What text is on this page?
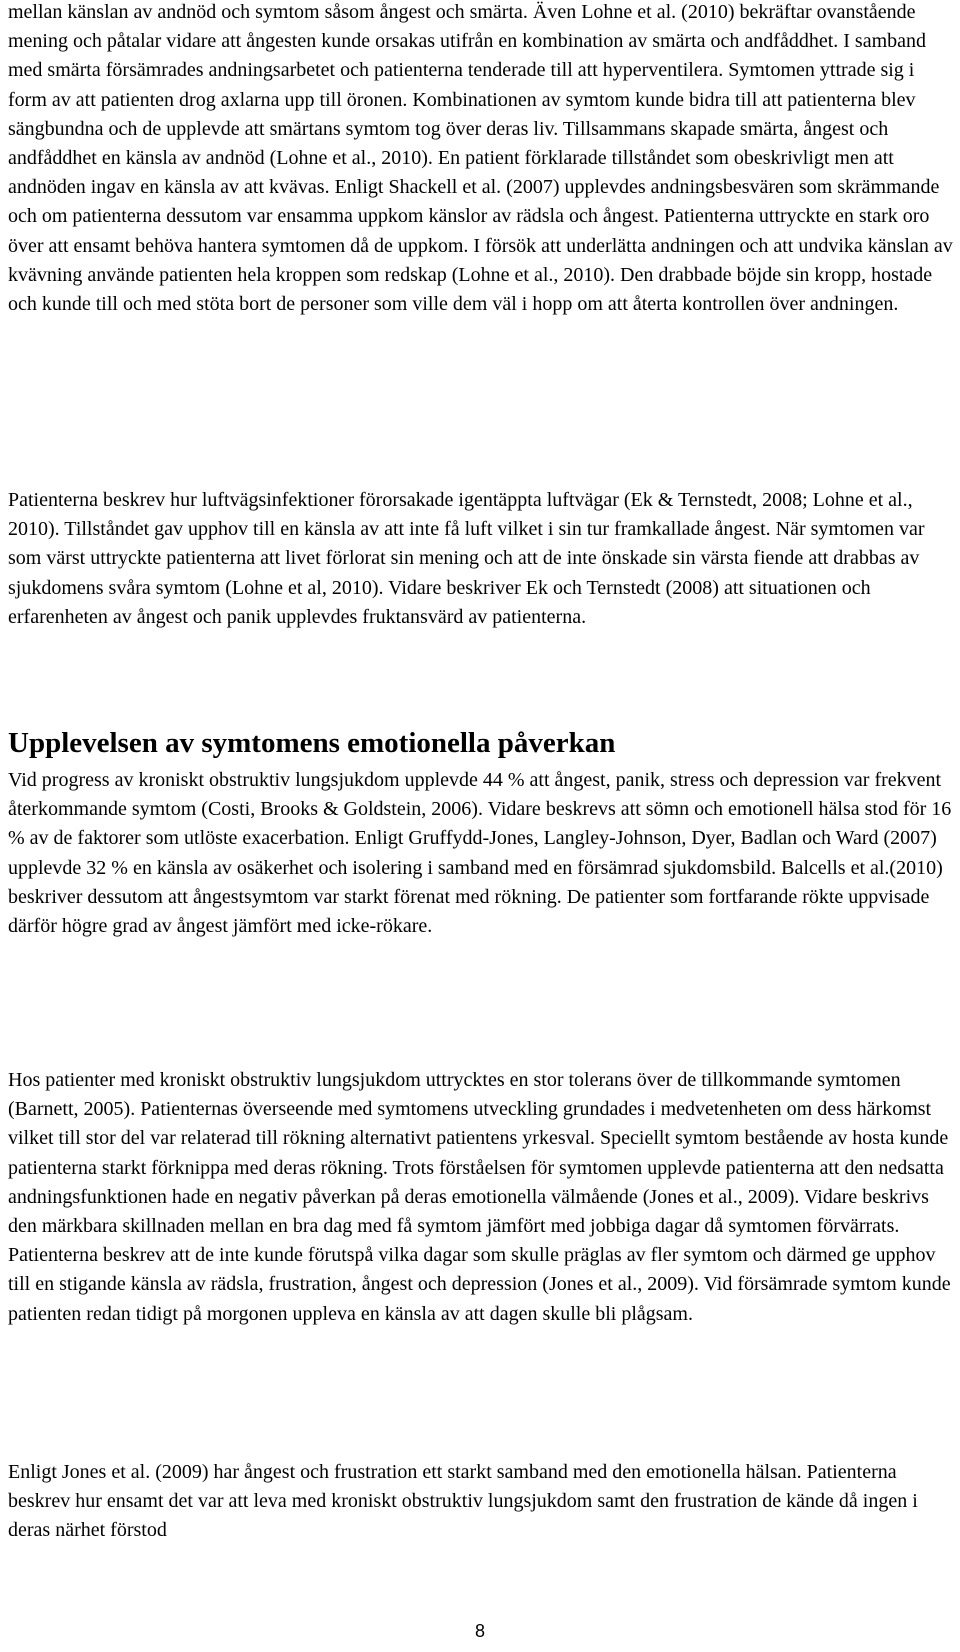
mellan känslan av andnöd och symtom såsom ångest och smärta. Även Lohne et al. (2010) bekräftar ovanstående mening och påtalar vidare att ångesten kunde orsakas utifrån en kombination av smärta och andfåddhet. I samband med smärta försämrades andningsarbetet och patienterna tenderade till att hyperventilera. Symtomen yttrade sig i form av att patienten drog axlarna upp till öronen. Kombinationen av symtom kunde bidra till att patienterna blev sängbundna och de upplevde att smärtans symtom tog över deras liv. Tillsammans skapade smärta, ångest och andfåddhet en känsla av andnöd (Lohne et al., 2010). En patient förklarade tillståndet som obeskrivligt men att andnöden ingav en känsla av att kvävas. Enligt Shackell et al. (2007) upplevdes andningsbesvären som skrämmande och om patienterna dessutom var ensamma uppkom känslor av rädsla och ångest. Patienterna uttryckte en stark oro över att ensamt behöva hantera symtomen då de uppkom. I försök att underlätta andningen och att undvika känslan av kvävning använde patienten hela kroppen som redskap (Lohne et al., 2010). Den drabbade böjde sin kropp, hostade och kunde till och med stöta bort de personer som ville dem väl i hopp om att återta kontrollen över andningen.

Patienterna beskrev hur luftvägsinfektioner förorsakade igentäppta luftvägar (Ek & Ternstedt, 2008; Lohne et al., 2010). Tillståndet gav upphov till en känsla av att inte få luft vilket i sin tur framkallade ångest. När symtomen var som värst uttryckte patienterna att livet förlorat sin mening och att de inte önskade sin värsta fiende att drabbas av sjukdomens svåra symtom (Lohne et al, 2010). Vidare beskriver Ek och Ternstedt (2008) att situationen och erfarenheten av ångest och panik upplevdes fruktansvärd av patienterna.

Upplevelsen av symtomens emotionella påverkan

Vid progress av kroniskt obstruktiv lungsjukdom upplevde 44 % att ångest, panik, stress och depression var frekvent återkommande symtom (Costi, Brooks & Goldstein, 2006). Vidare beskrevs att sömn och emotionell hälsa stod för 16 % av de faktorer som utlöste exacerbation. Enligt Gruffydd-Jones, Langley-Johnson, Dyer, Badlan och Ward (2007) upplevde 32 % en känsla av osäkerhet och isolering i samband med en försämrad sjukdomsbild. Balcells et al.(2010) beskriver dessutom att ångestsymtom var starkt förenat med rökning. De patienter som fortfarande rökte uppvisade därför högre grad av ångest jämfört med icke-rökare.

Hos patienter med kroniskt obstruktiv lungsjukdom uttrycktes en stor tolerans över de tillkommande symtomen (Barnett, 2005). Patienternas överseende med symtomens utveckling grundades i medvetenheten om dess härkomst vilket till stor del var relaterad till rökning alternativt patientens yrkesval. Speciellt symtom bestående av hosta kunde patienterna starkt förknippa med deras rökning. Trots förståelsen för symtomen upplevde patienterna att den nedsatta andningsfunktionen hade en negativ påverkan på deras emotionella välmående (Jones et al., 2009). Vidare beskrivs den märkbara skillnaden mellan en bra dag med få symtom jämfört med jobbiga dagar då symtomen förvärrats. Patienterna beskrev att de inte kunde förutspå vilka dagar som skulle präglas av fler symtom och därmed ge upphov till en stigande känsla av rädsla, frustration, ångest och depression (Jones et al., 2009). Vid försämrade symtom kunde patienten redan tidigt på morgonen uppleva en känsla av att dagen skulle bli plågsam.

Enligt Jones et al. (2009) har ångest och frustration ett starkt samband med den emotionella hälsan. Patienterna beskrev hur ensamt det var att leva med kroniskt obstruktiv lungsjukdom samt den frustration de kände då ingen i deras närhet förstod

8
